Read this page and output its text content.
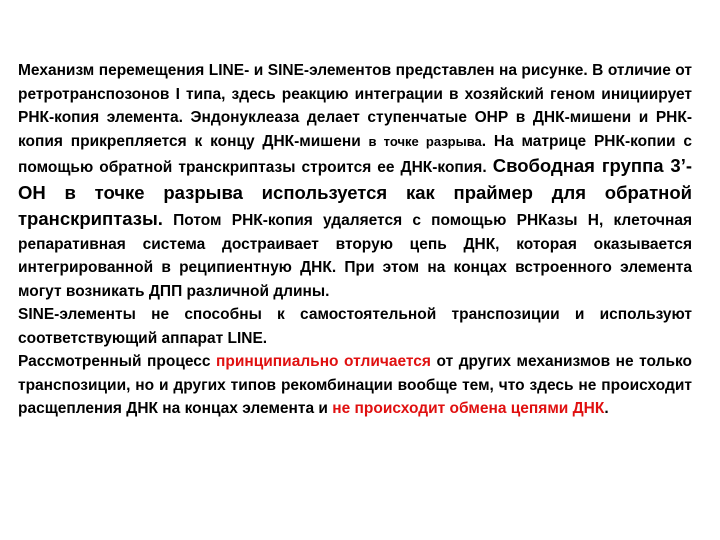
Механизм перемещения LINE- и SINE-элементов представлен на рисунке. В отличие от ретротранспозонов I типа, здесь реакцию интеграции в хозяйский геном инициирует РНК-копия элемента. Эндонуклеаза делает ступенчатые ОНР в ДНК-мишени и РНК-копия прикрепляется к концу ДНК-мишени в точке разрыва. На матрице РНК-копии с помощью обратной транскриптазы строится ее ДНК-копия. Свободная группа 3’-ОН в точке разрыва используется как праймер для обратной транскриптазы. Потом РНК-копия удаляется с помощью РНКазы Н, клеточная репаративная система достраивает вторую цепь ДНК, которая оказывается интегрированной в реципиентную ДНК. При этом на концах встроенного элемента могут возникать ДПП различной длины.

SINE-элементы не способны к самостоятельной транспозиции и используют соответствующий аппарат LINE.

Рассмотренный процесс принципиально отличается от других механизмов не только транспозиции, но и других типов рекомбинации вообще тем, что здесь не происходит расщепления ДНК на концах элемента и не происходит обмена цепями ДНК.
